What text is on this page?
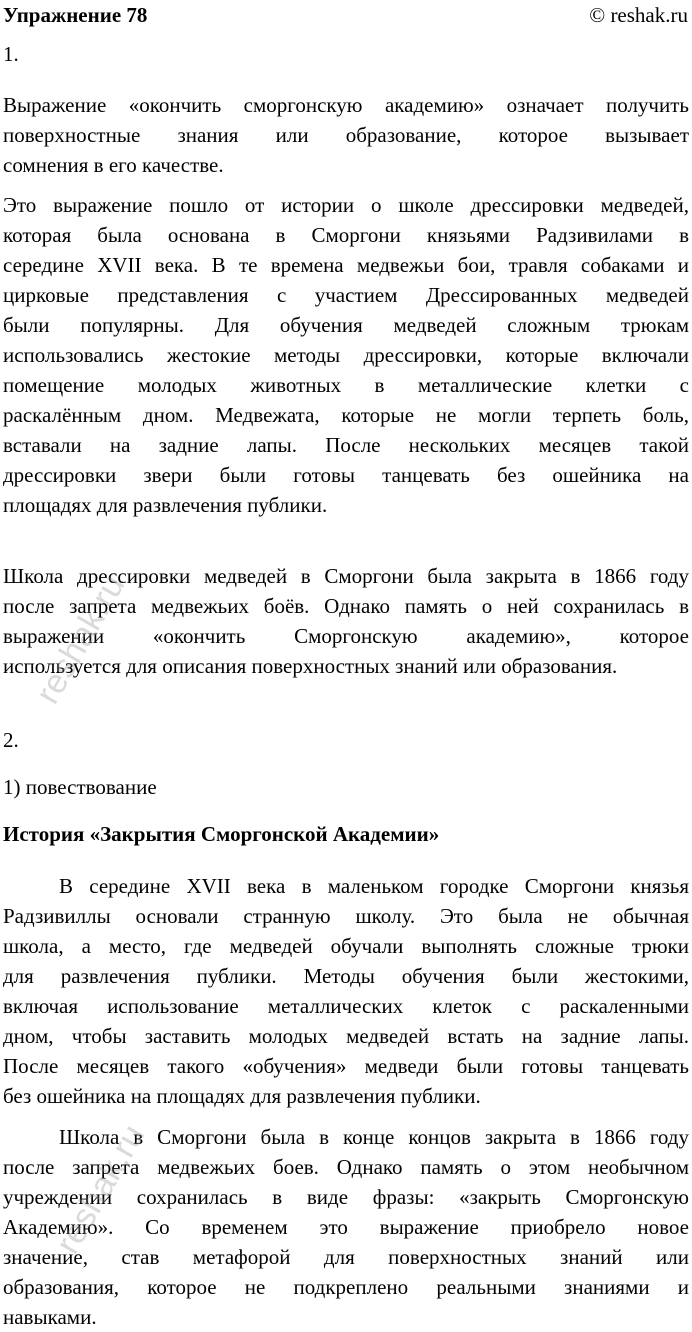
Упражнение 78	© reshak.ru
1.
Выражение «окончить сморгонскую академию» означает получить
поверхностные знания или образование, которое вызывает
сомнения в его качестве.
Это выражение пошло от истории о школе дрессировки медведей,
которая была основана в Сморгони князьями Радзивилами в
середине XVII века. В те времена медвежьи бои, травля собаками и
цирковые представления с участием Дрессированных медведей
были популярны. Для обучения медведей сложным трюкам
использовались жестокие методы дрессировки, которые включали
помещение молодых животных в металлические клетки с
раскалённым дном. Медвежата, которые не могли терпеть боль,
вставали на задние лапы. После нескольких месяцев такой
дрессировки звери были готовы танцевать без ошейника на
площадях для развлечения публики.
Школа дрессировки медведей в Сморгони была закрыта в 1866 году
после запрета медвежьих боёв. Однако память о ней сохранилась в
выражении «окончить Сморгонскую академию», которое
используется для описания поверхностных знаний или образования.
2.
1) повествование
История «Закрытия Сморгонской Академии»
В середине XVII века в маленьком городке Сморгони князья
Радзивиллы основали странную школу. Это была не обычная
школа, а место, где медведей обучали выполнять сложные трюки
для развлечения публики. Методы обучения были жестокими,
включая использование металлических клеток с раскаленными
дном, чтобы заставить молодых медведей встать на задние лапы.
После месяцев такого «обучения» медведи были готовы танцевать
без ошейника на площадях для развлечения публики.
Школа в Сморгони была в конце концов закрыта в 1866 году
после запрета медвежьих боев. Однако память о этом необычном
учреждении сохранилась в виде фразы: «закрыть Сморгонскую
Академию». Со временем это выражение приобрело новое
значение, став метафорой для поверхностных знаний или
образования, которое не подкреплено реальными знаниями и
навыками.
reshak.ru
reshak.ru
